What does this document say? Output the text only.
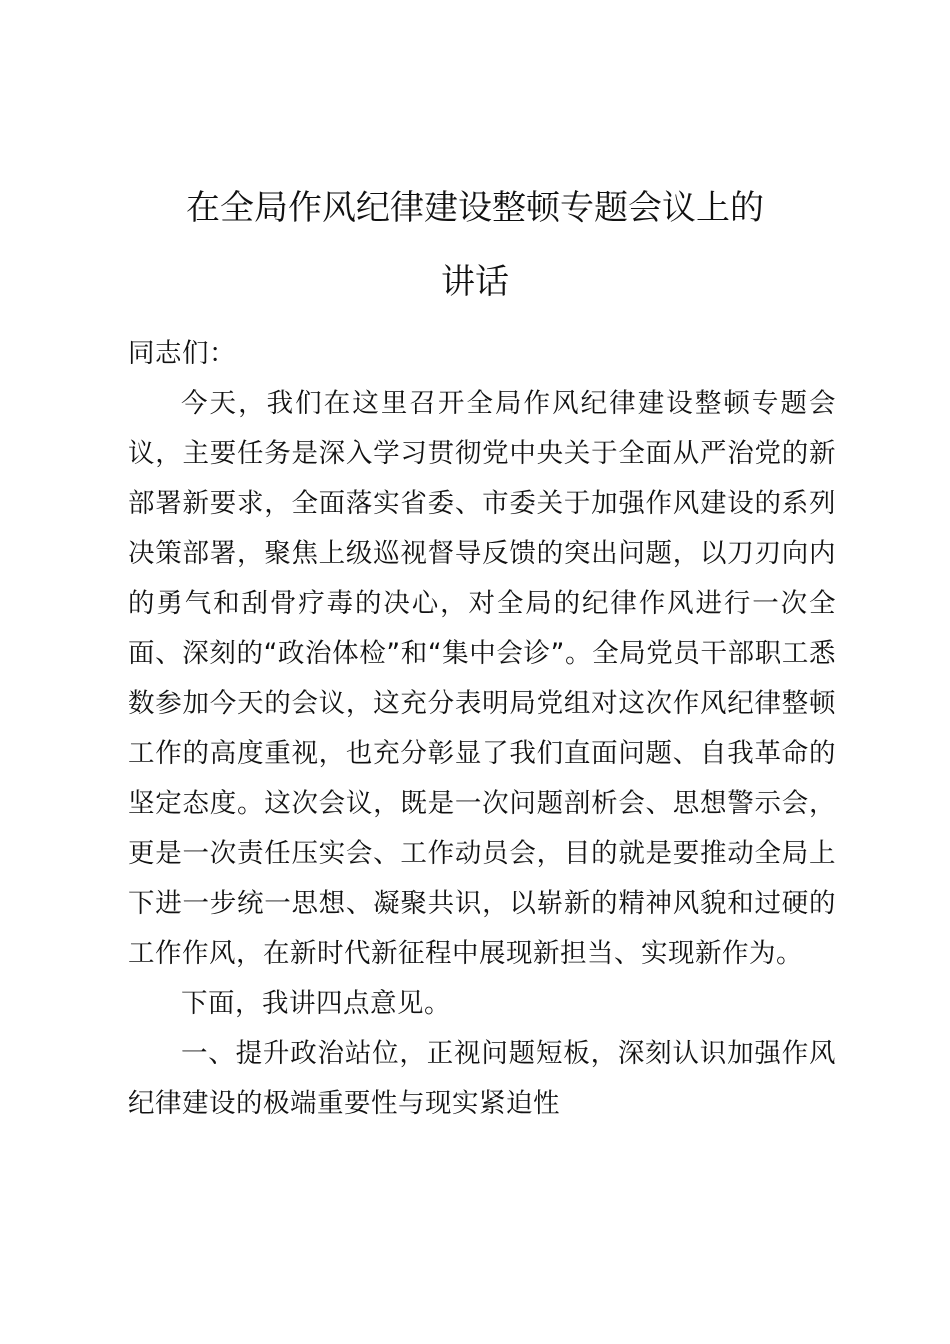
在全局作风纪律建设整顿专题会议上的
讲话
同志们：
今天，我们在这里召开全局作风纪律建设整顿专题会议，主要任务是深入学习贯彻党中央关于全面从严治党的新部署新要求，全面落实省委、市委关于加强作风建设的系列决策部署，聚焦上级巡视督导反馈的突出问题，以刀刃向内的勇气和刮骨疗毒的决心，对全局的纪律作风进行一次全面、深刻的“政治体检”和“集中会诊”。全局党员干部职工悉数参加今天的会议，这充分表明局党组对这次作风纪律整顿工作的高度重视，也充分彰显了我们直面问题、自我革命的坚定态度。这次会议，既是一次问题剖析会、思想警示会，更是一次责任压实会、工作动员会，目的就是要推动全局上下进一步统一思想、凝聚共识，以崭新的精神风貌和过硬的工作作风，在新时代新征程中展现新担当、实现新作为。
下面，我讲四点意见。
一、提升政治站位，正视问题短板，深刻认识加强作风纪律建设的极端重要性与现实紧迫性
